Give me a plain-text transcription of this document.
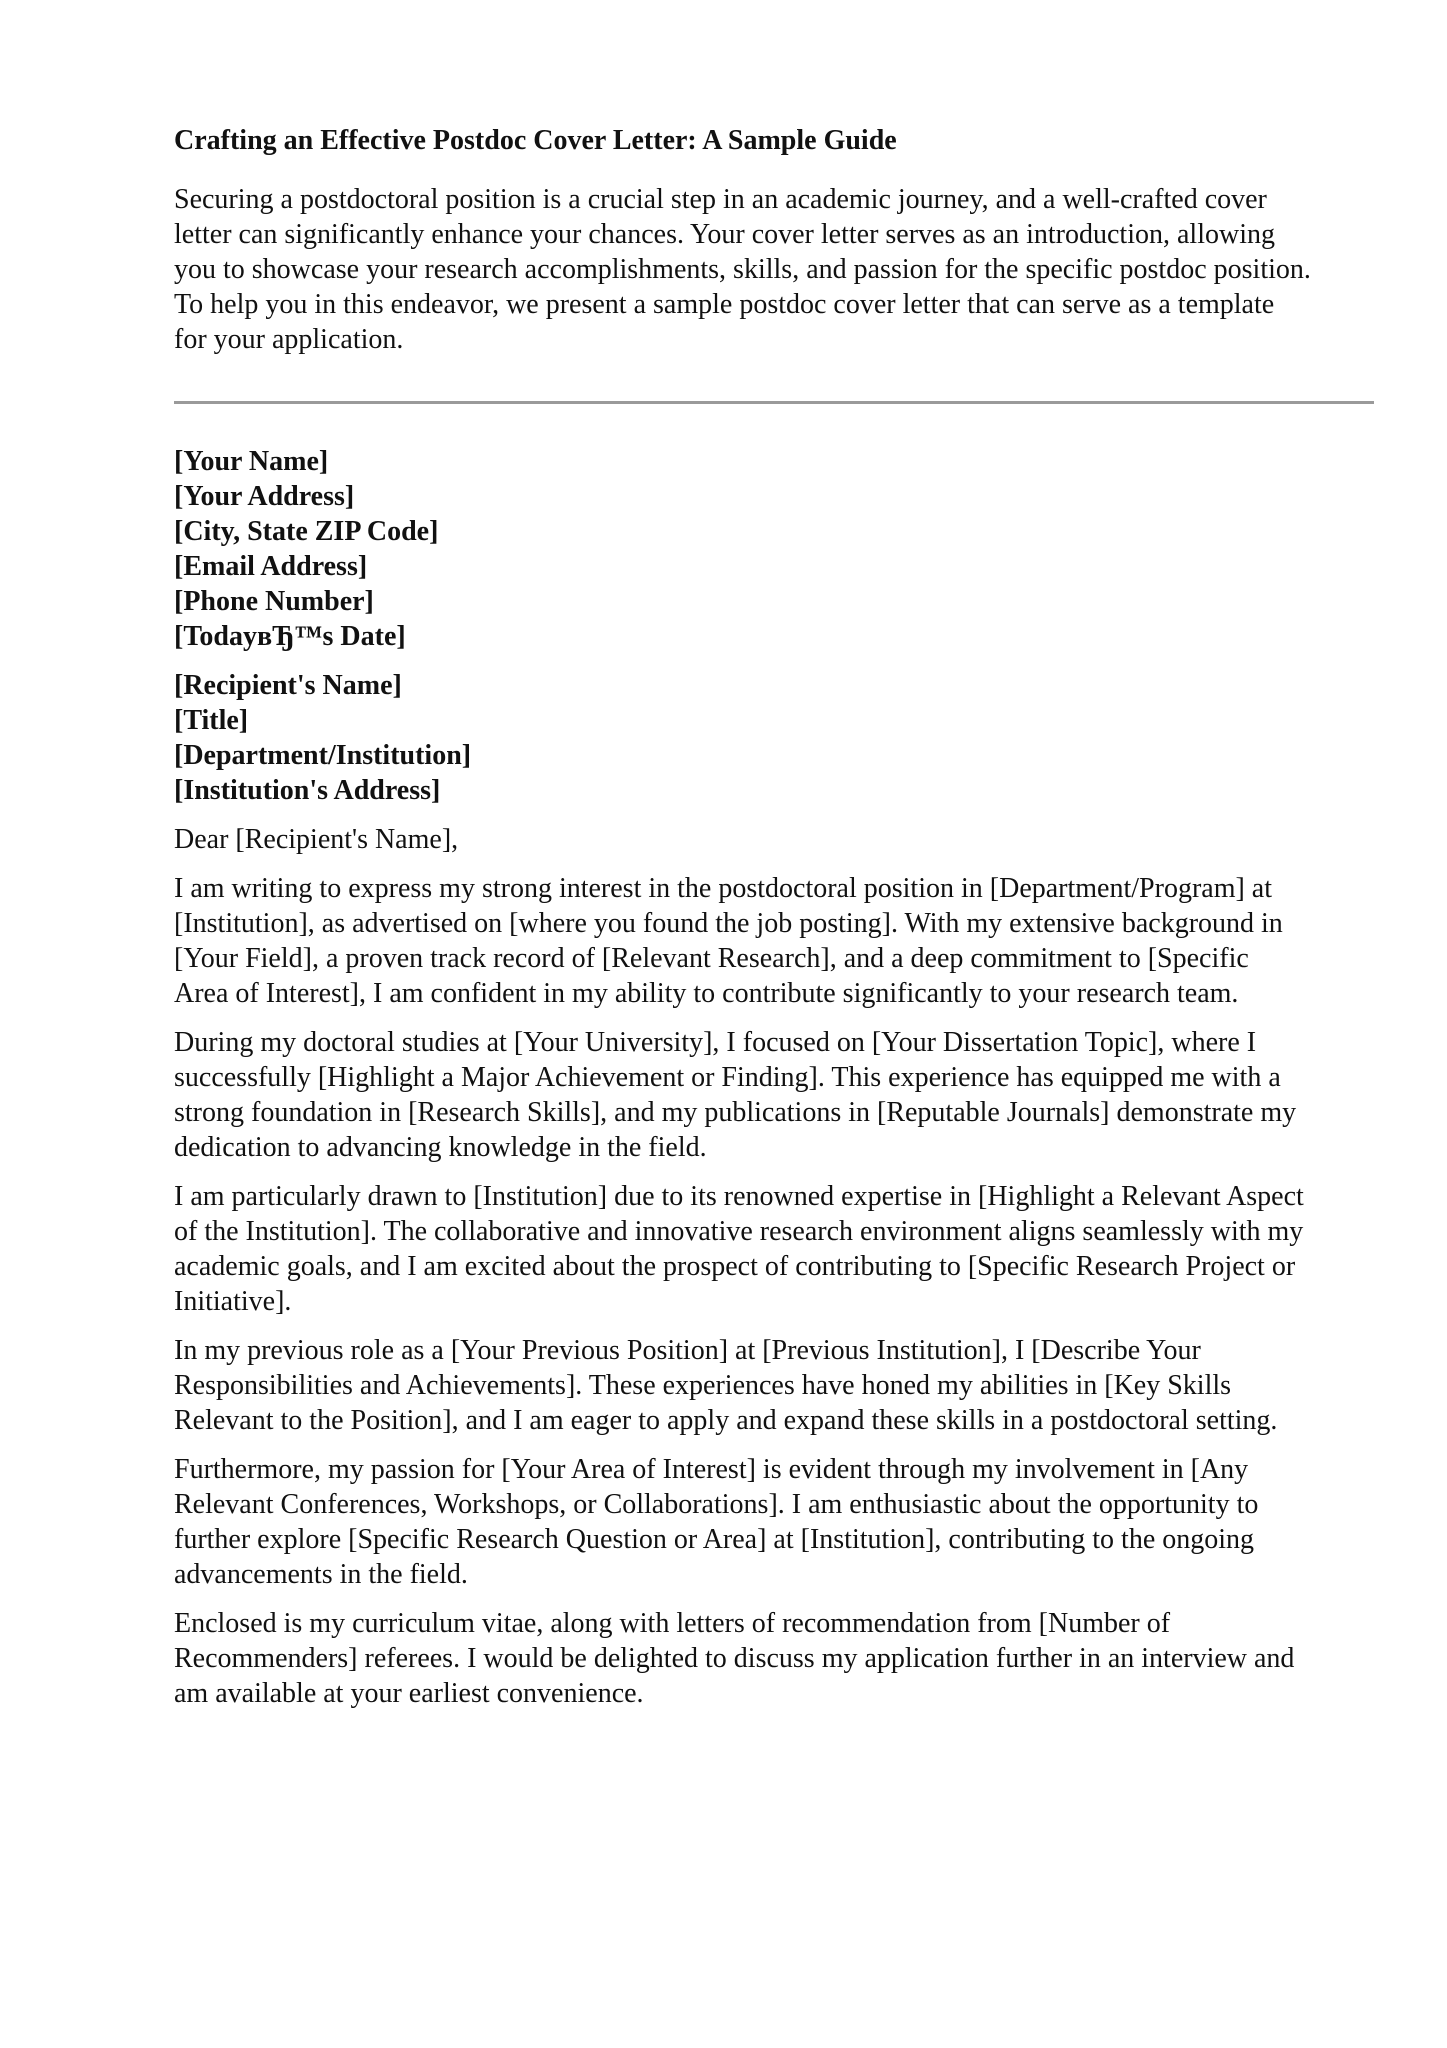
Crafting an Effective Postdoc Cover Letter: A Sample Guide

Securing a postdoctoral position is a crucial step in an academic journey, and a well-crafted cover
letter can significantly enhance your chances. Your cover letter serves as an introduction, allowing
you to showcase your research accomplishments, skills, and passion for the specific postdoc position.
To help you in this endeavor, we present a sample postdoc cover letter that can serve as a template
for your application.

[Your Name]
[Your Address]
[City, State ZIP Code]
[Email Address]
[Phone Number]
[TodayвЂ™s Date]
[Recipient's Name]
[Title]
[Department/Institution]
[Institution's Address]

Dear [Recipient's Name],

I am writing to express my strong interest in the postdoctoral position in [Department/Program] at
[Institution], as advertised on [where you found the job posting]. With my extensive background in
[Your Field], a proven track record of [Relevant Research], and a deep commitment to [Specific
Area of Interest], I am confident in my ability to contribute significantly to your research team.

During my doctoral studies at [Your University], I focused on [Your Dissertation Topic], where I
successfully [Highlight a Major Achievement or Finding]. This experience has equipped me with a
strong foundation in [Research Skills], and my publications in [Reputable Journals] demonstrate my
dedication to advancing knowledge in the field.

I am particularly drawn to [Institution] due to its renowned expertise in [Highlight a Relevant Aspect
of the Institution]. The collaborative and innovative research environment aligns seamlessly with my
academic goals, and I am excited about the prospect of contributing to [Specific Research Project or
Initiative].

In my previous role as a [Your Previous Position] at [Previous Institution], I [Describe Your
Responsibilities and Achievements]. These experiences have honed my abilities in [Key Skills
Relevant to the Position], and I am eager to apply and expand these skills in a postdoctoral setting.

Furthermore, my passion for [Your Area of Interest] is evident through my involvement in [Any
Relevant Conferences, Workshops, or Collaborations]. I am enthusiastic about the opportunity to
further explore [Specific Research Question or Area] at [Institution], contributing to the ongoing
advancements in the field.

Enclosed is my curriculum vitae, along with letters of recommendation from [Number of
Recommenders] referees. I would be delighted to discuss my application further in an interview and
am available at your earliest convenience.
